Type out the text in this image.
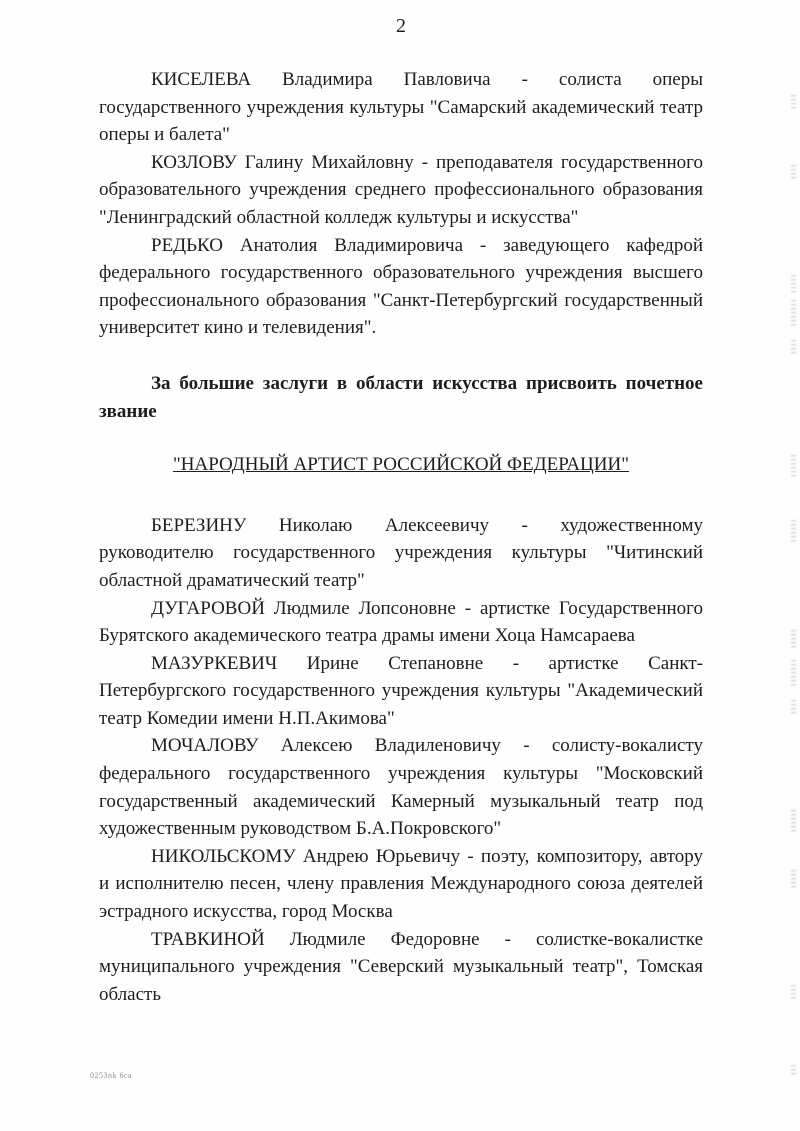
2

КИСЕЛЕВА Владимира Павловича - солиста оперы государственного учреждения культуры "Самарский академический театр оперы и балета"

КОЗЛОВУ Галину Михайловну - преподавателя государственного образовательного учреждения среднего профессионального образования "Ленинградский областной колледж культуры и искусства"

РЕДЬКО Анатолия Владимировича - заведующего кафедрой федерального государственного образовательного учреждения высшего профессионального образования "Санкт-Петербургский государственный университет кино и телевидения".

За большие заслуги в области искусства присвоить почетное звание

"НАРОДНЫЙ АРТИСТ РОССИЙСКОЙ ФЕДЕРАЦИИ"

БЕРЕЗИНУ Николаю Алексеевичу - художественному руководителю государственного учреждения культуры "Читинский областной драматический театр"

ДУГАРОВОЙ Людмиле Лопсоновне - артистке Государственного Бурятского академического театра драмы имени Хоца Намсараева

МАЗУРКЕВИЧ Ирине Степановне - артистке Санкт-Петербургского государственного учреждения культуры "Академический театр Комедии имени Н.П.Акимова"

МОЧАЛОВУ Алексею Владиленовичу - солисту-вокалисту федерального государственного учреждения культуры "Московский государственный академический Камерный музыкальный театр под художественным руководством Б.А.Покровского"

НИКОЛЬСКОМУ Андрею Юрьевичу - поэту, композитору, автору и исполнителю песен, члену правления Международного союза деятелей эстрадного искусства, город Москва

ТРАВКИНОЙ Людмиле Федоровне - солистке-вокалистке муниципального учреждения "Северский музыкальный театр", Томская область

0253nk 6ca
